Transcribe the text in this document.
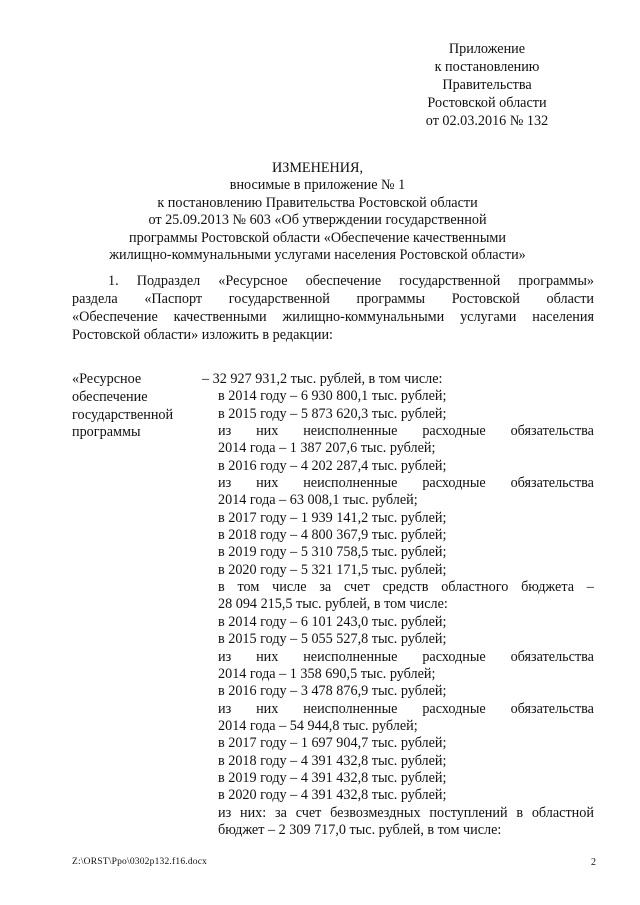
Приложение
к постановлению
Правительства
Ростовской области
от 02.03.2016 № 132
ИЗМЕНЕНИЯ,
вносимые в приложение № 1
к постановлению Правительства Ростовской области
от 25.09.2013 № 603 «Об утверждении государственной
программы Ростовской области «Обеспечение качественными
жилищно-коммунальными услугами населения Ростовской области»
1. Подраздел «Ресурсное обеспечение государственной программы»
раздела «Паспорт государственной программы Ростовской области
«Обеспечение качественными жилищно-коммунальными услугами населения
Ростовской области» изложить в редакции:
«Ресурсное
обеспечение
государственной
программы
– 32 927 931,2 тыс. рублей, в том числе:
в 2014 году – 6 930 800,1 тыс. рублей;
в 2015 году – 5 873 620,3 тыс. рублей;
из них неисполненные расходные обязательства
2014 года – 1 387 207,6 тыс. рублей;
в 2016 году – 4 202 287,4 тыс. рублей;
из них неисполненные расходные обязательства
2014 года – 63 008,1 тыс. рублей;
в 2017 году – 1 939 141,2 тыс. рублей;
в 2018 году – 4 800 367,9 тыс. рублей;
в 2019 году – 5 310 758,5 тыс. рублей;
в 2020 году – 5 321 171,5 тыс. рублей;
в том числе за счет средств областного бюджета –
28 094 215,5 тыс. рублей, в том числе:
в 2014 году – 6 101 243,0 тыс. рублей;
в 2015 году – 5 055 527,8 тыс. рублей;
из них неисполненные расходные обязательства
2014 года – 1 358 690,5 тыс. рублей;
в 2016 году – 3 478 876,9 тыс. рублей;
из них неисполненные расходные обязательства
2014 года – 54 944,8 тыс. рублей;
в 2017 году – 1 697 904,7 тыс. рублей;
в 2018 году – 4 391 432,8 тыс. рублей;
в 2019 году – 4 391 432,8 тыс. рублей;
в 2020 году – 4 391 432,8 тыс. рублей;
из них: за счет безвозмездных поступлений в областной
бюджет – 2 309 717,0 тыс. рублей, в том числе:
Z:\ORST\Ppo\0302p132.f16.docx	2
